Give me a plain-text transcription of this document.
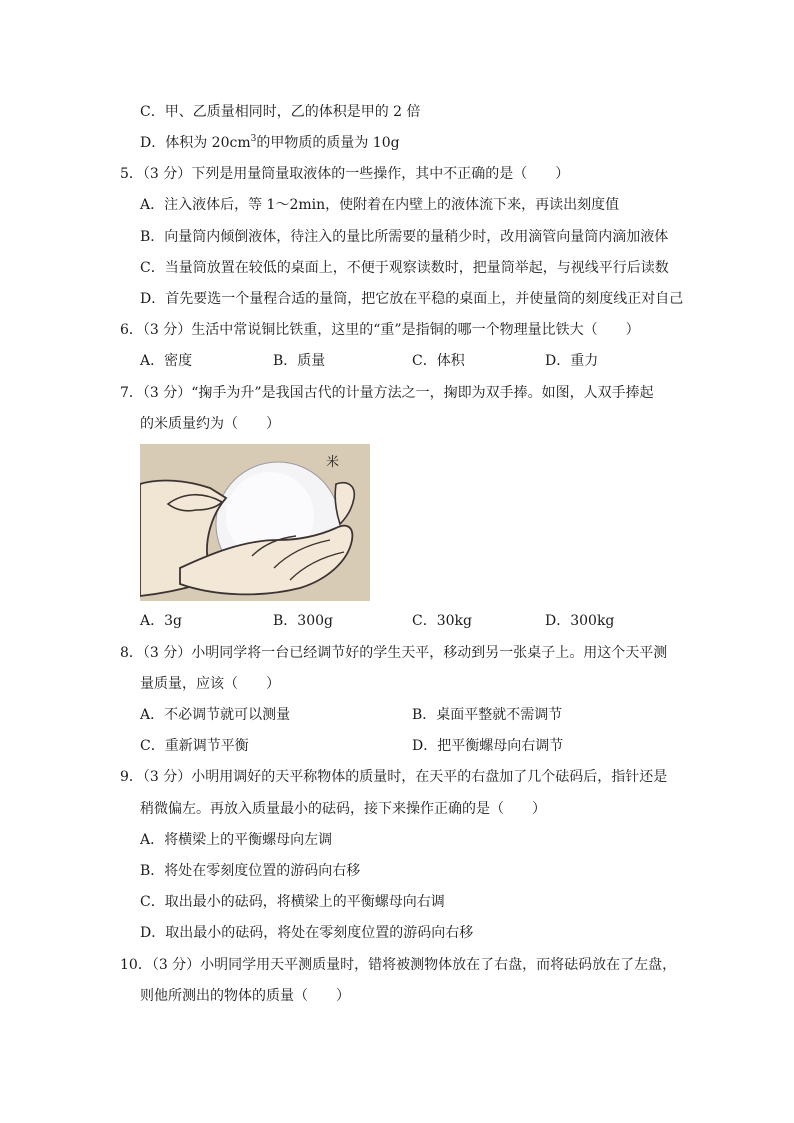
C．甲、乙质量相同时，乙的体积是甲的 2 倍
D．体积为 $20cm^3$的甲物质的质量为 10g
5．（3 分）下列是用量筒量取液体的一些操作，其中不正确的是（　　）
A．注入液体后，等 1～2min，使附着在内壁上的液体流下来，再读出刻度值
B．向量筒内倾倒液体，待注入的量比所需要的量稍少时，改用滴管向量筒内滴加液体
C．当量筒放置在较低的桌面上，不便于观察读数时，把量筒举起，与视线平行后读数
D．首先要选一个量程合适的量筒，把它放在平稳的桌面上，并使量筒的刻度线正对自己
6．（3 分）生活中常说铜比铁重，这里的“重”是指铜的哪一个物理量比铁大（　　）
A．密度	B．质量	C．体积	D．重力
7．（3 分）“掬手为升”是我国古代的计量方法之一，掬即为双手捧。如图，人双手捧起
的米质量约为（　　）
米
A．3g	B．300g	C．30kg	D．300kg
8．（3 分）小明同学将一台已经调节好的学生天平，移动到另一张桌子上。用这个天平测
量质量，应该（　　）
A．不必调节就可以测量	B．桌面平整就不需调节
C．重新调节平衡	D．把平衡螺母向右调节
9．（3 分）小明用调好的天平称物体的质量时，在天平的右盘加了几个砝码后，指针还是
稍微偏左。再放入质量最小的砝码，接下来操作正确的是（　　）
A．将横梁上的平衡螺母向左调
B．将处在零刻度位置的游码向右移
C．取出最小的砝码，将横梁上的平衡螺母向右调
D．取出最小的砝码，将处在零刻度位置的游码向右移
10．（3 分）小明同学用天平测质量时，错将被测物体放在了右盘，而将砝码放在了左盘，
则他所测出的物体的质量（　　）
